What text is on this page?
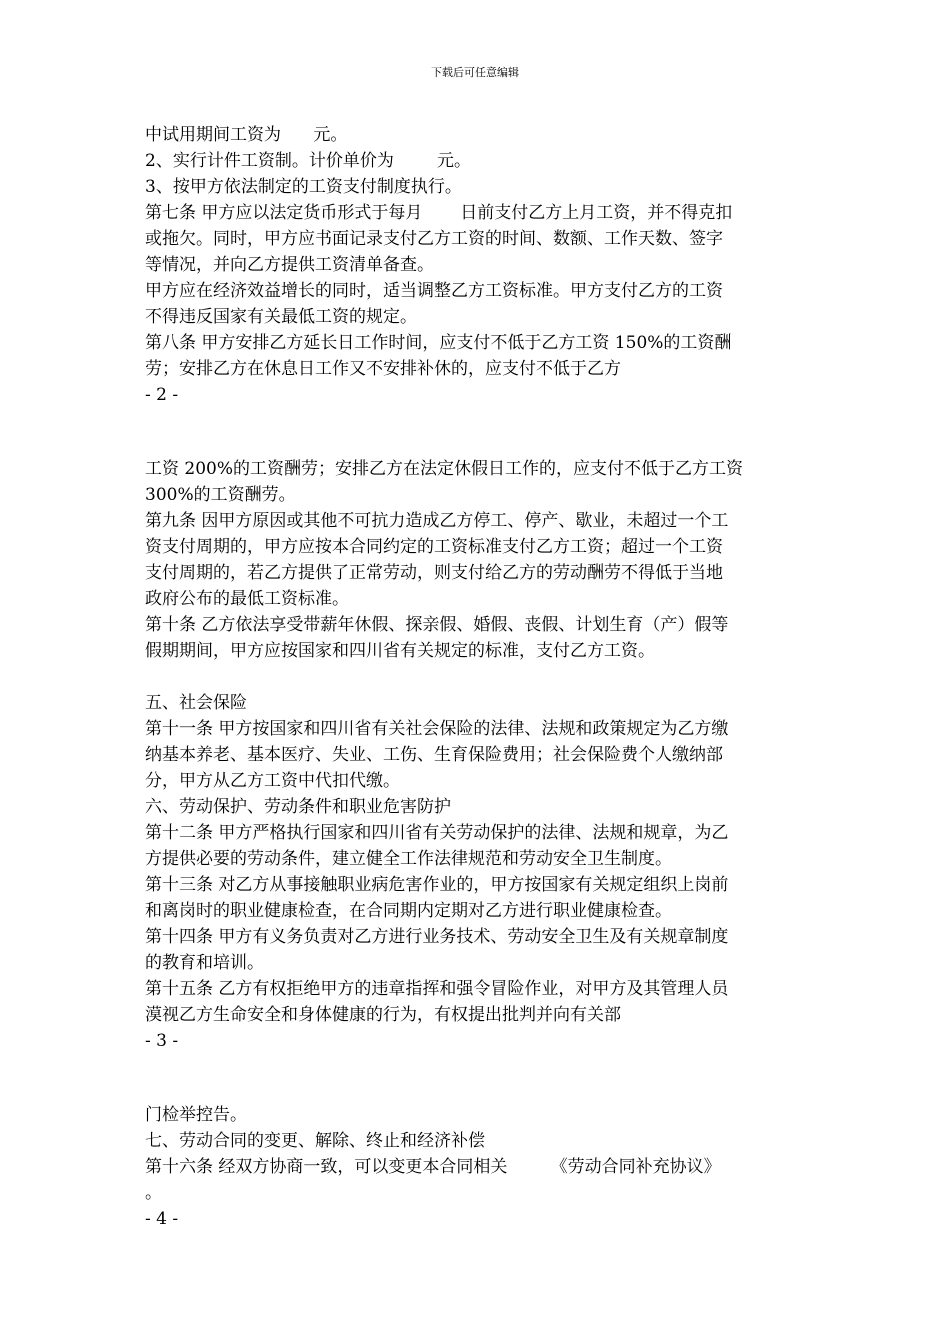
下载后可任意编辑

中试用期间工资为      元。

2、实行计件工资制。计价单价为        元。

3、按甲方依法制定的工资支付制度执行。

第七条 甲方应以法定货币形式于每月       日前支付乙方上月工资，并不得克扣

或拖欠。同时，甲方应书面记录支付乙方工资的时间、数额、工作天数、签字

等情况，并向乙方提供工资清单备查。

甲方应在经济效益增长的同时，适当调整乙方工资标准。甲方支付乙方的工资

不得违反国家有关最低工资的规定。

第八条 甲方安排乙方延长日工作时间，应支付不低于乙方工资 150%的工资酬

劳；安排乙方在休息日工作又不安排补休的，应支付不低于乙方

- 2 -

工资 200%的工资酬劳；安排乙方在法定休假日工作的，应支付不低于乙方工资

300%的工资酬劳。

第九条 因甲方原因或其他不可抗力造成乙方停工、停产、歇业，未超过一个工

资支付周期的，甲方应按本合同约定的工资标准支付乙方工资；超过一个工资

支付周期的，若乙方提供了正常劳动，则支付给乙方的劳动酬劳不得低于当地

政府公布的最低工资标准。

第十条 乙方依法享受带薪年休假、探亲假、婚假、丧假、计划生育（产）假等

假期期间，甲方应按国家和四川省有关规定的标准，支付乙方工资。

五、社会保险

第十一条 甲方按国家和四川省有关社会保险的法律、法规和政策规定为乙方缴

纳基本养老、基本医疗、失业、工伤、生育保险费用；社会保险费个人缴纳部

分，甲方从乙方工资中代扣代缴。

六、劳动保护、劳动条件和职业危害防护

第十二条 甲方严格执行国家和四川省有关劳动保护的法律、法规和规章，为乙

方提供必要的劳动条件，建立健全工作法律规范和劳动安全卫生制度。

第十三条 对乙方从事接触职业病危害作业的，甲方按国家有关规定组织上岗前

和离岗时的职业健康检查，在合同期内定期对乙方进行职业健康检查。

第十四条 甲方有义务负责对乙方进行业务技术、劳动安全卫生及有关规章制度

的教育和培训。

第十五条 乙方有权拒绝甲方的违章指挥和强令冒险作业，对甲方及其管理人员

漠视乙方生命安全和身体健康的行为，有权提出批判并向有关部

- 3 -

门检举控告。

七、劳动合同的变更、解除、终止和经济补偿

第十六条 经双方协商一致，可以变更本合同相关        《劳动合同补充协议》

。

- 4 -
